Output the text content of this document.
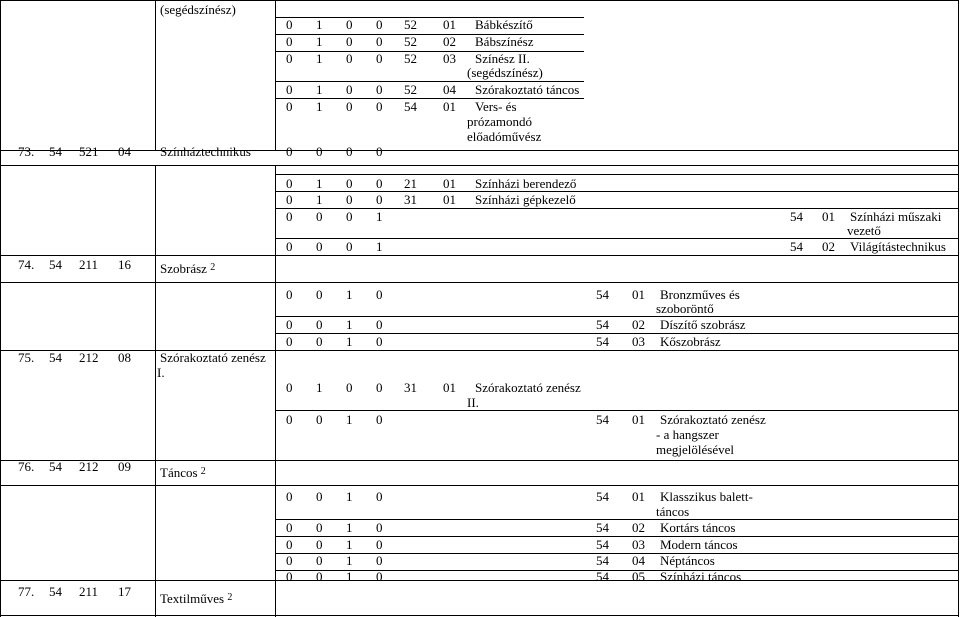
(segédszínész)
0 1 0 0 52 01 Bábkészítő
0 1 0 0 52 02 Bábszínész
0 1 0 0 52 03 Színész II.
(segédszínész)
0 1 0 0 52 04 Szórakoztató táncos
0 1 0 0 54 01 Vers- és
prózamondó
előadóművész
73. 54 521 04 Színháztechnikus	0 0 0 0
0 1 0 0 21 01 Színházi berendező
0 1 0 0 31 01 Színházi gépkezelő
0 0 0 1	54 01 Színházi műszaki
vezető
0 0 0 1	54 02 Világítástechnikus
74. 54 211 16 Szobrász $^2$
0 0 1 0	54 01 Bronzműves és
szoboröntő
0 0 1 0	54 02 Díszítő szobrász
0 0 1 0	54 03 Kőszobrász
75. 54 212 08 Szórakoztató zenész
I.
0 1 0 0 31 01 Szórakoztató zenész
II.
0 0 1 0	54 01 Szórakoztató zenész
- a hangszer
megjelölésével
76. 54 212 09 Táncos $^2$
0 0 1 0	54 01 Klasszikus balett-
táncos
0 0 1 0	54 02 Kortárs táncos
0 0 1 0	54 03 Modern táncos
0 0 1 0	54 04 Néptáncos
0 0 1 0	54 05 Színházi táncos
77. 54 211 17 Textilműves $^2$
